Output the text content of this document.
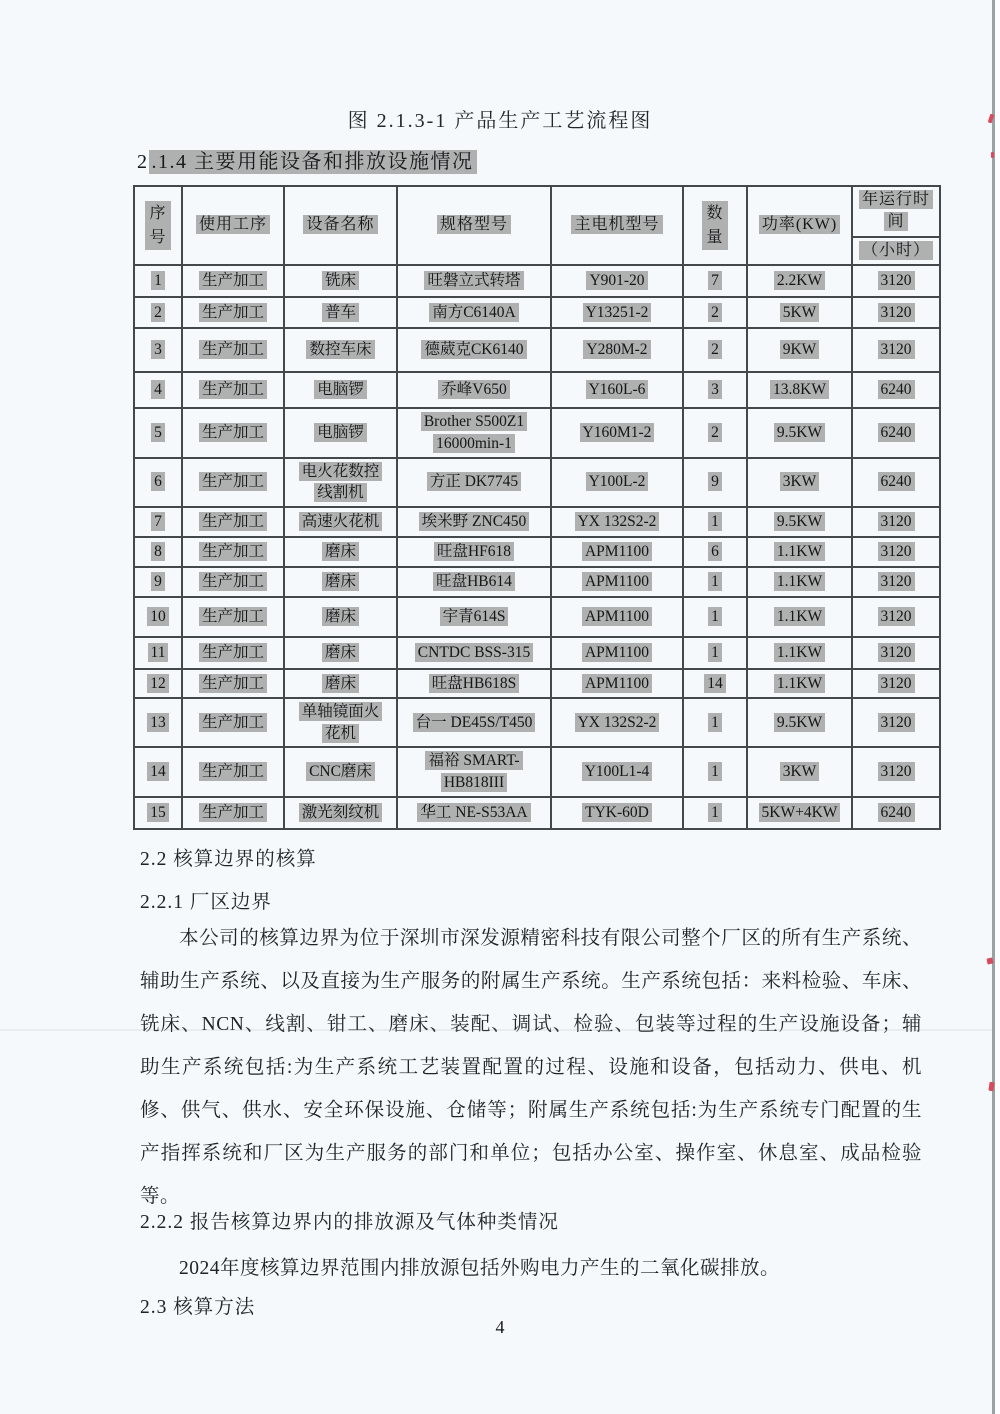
图 2.1.3-1 产品生产工艺流程图
2 .1.4 主要用能设备和排放设施情况
序号	使用工序	设备名称	规格型号	主电机型号	数量	功率(KW)	年运行时间
							（小时）
1	生产加工	铣床	旺磐立式转塔	Y901-20	7	2.2KW	3120
2	生产加工	普车	南方C6140A	Y13251-2	2	5KW	3120
3	生产加工	数控车床	德葳克CK6140	Y280M-2	2	9KW	3120
4	生产加工	电脑锣	乔峰V650	Y160L-6	3	13.8KW	6240
5	生产加工	电脑锣	Brother S500Z1
16000min-1	Y160M1-2	2	9.5KW	6240
6	生产加工	电火花数控
线割机	方正 DK7745	Y100L-2	9	3KW	6240
7	生产加工	高速火花机	埃米野 ZNC450	YX 132S2-2	1	9.5KW	3120
8	生产加工	磨床	旺盘HF618	APM1100	6	1.1KW	3120
9	生产加工	磨床	旺盘HB614	APM1100	1	1.1KW	3120
10	生产加工	磨床	宇青614S	APM1100	1	1.1KW	3120
11	生产加工	磨床	CNTDC BSS-315	APM1100	1	1.1KW	3120
12	生产加工	磨床	旺盘HB618S	APM1100	14	1.1KW	3120
13	生产加工	单轴镜面火
花机	台一 DE45S/T450	YX 132S2-2	1	9.5KW	3120
14	生产加工	CNC磨床	福裕 SMART-
HB818III	Y100L1-4	1	3KW	3120
15	生产加工	激光刻纹机	华工 NE-S53AA	TYK-60D	1	5KW+4KW	6240
2.2 核算边界的核算
2.2.1 厂区边界
本公司的核算边界为位于深圳市深发源精密科技有限公司整个厂区的所有生产系统、辅助生产系统、以及直接为生产服务的附属生产系统。生产系统包括：来料检验、车床、铣床、NCN、线割、钳工、磨床、装配、调试、检验、包装等过程的生产设施设备；辅助生产系统包括:为生产系统工艺装置配置的过程、设施和设备，包括动力、供电、机修、供气、供水、安全环保设施、仓储等；附属生产系统包括:为生产系统专门配置的生产指挥系统和厂区为生产服务的部门和单位；包括办公室、操作室、休息室、成品检验等。
2.2.2 报告核算边界内的排放源及气体种类情况
2024年度核算边界范围内排放源包括外购电力产生的二氧化碳排放。
2.3 核算方法
4
